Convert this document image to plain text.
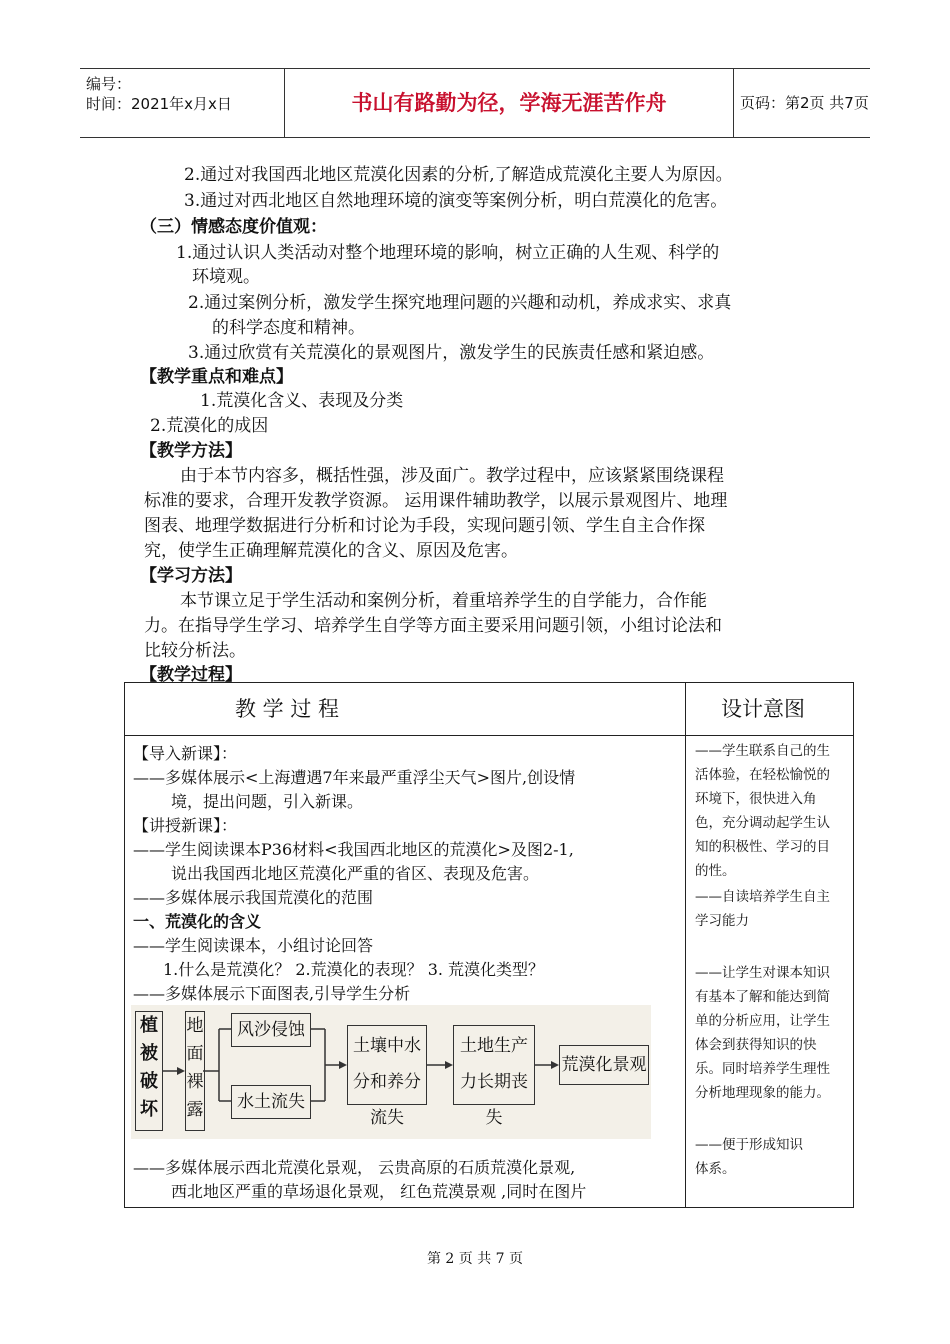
编号：
时间：2021年x月x日	书山有路勤为径，学海无涯苦作舟	页码：第2页 共7页
2.通过对我国西北地区荒漠化因素的分析,了解造成荒漠化主要人为原因。
3.通过对西北地区自然地理环境的演变等案例分析，明白荒漠化的危害。
（三）情感态度价值观：
1.通过认识人类活动对整个地理环境的影响，树立正确的人生观、科学的
环境观。
2.通过案例分析，激发学生探究地理问题的兴趣和动机，养成求实、求真
的科学态度和精神。
3.通过欣赏有关荒漠化的景观图片，激发学生的民族责任感和紧迫感。
【教学重点和难点】
1.荒漠化含义、表现及分类
2.荒漠化的成因
【教学方法】
由于本节内容多，概括性强，涉及面广。教学过程中，应该紧紧围绕课程
标准的要求，合理开发教学资源。 运用课件辅助教学，以展示景观图片、地理
图表、地理学数据进行分析和讨论为手段，实现问题引领、学生自主合作探
究，使学生正确理解荒漠化的含义、原因及危害。
【学习方法】
本节课立足于学生活动和案例分析，着重培养学生的自学能力，合作能
力。在指导学生学习、培养学生自学等方面主要采用问题引领，小组讨论法和
比较分析法。
【教学过程】
教 学 过 程	设计意图
【导入新课】：
——多媒体展示<上海遭遇7年来最严重浮尘天气>图片,创设情
境，提出问题，引入新课。
【讲授新课】：
——学生阅读课本P36材料<我国西北地区的荒漠化>及图2-1,
说出我国西北地区荒漠化严重的省区、表现及危害。
——多媒体展示我国荒漠化的范围
一、荒漠化的含义
——学生阅读课本，小组讨论回答
1.什么是荒漠化？ 2.荒漠化的表现？ 3. 荒漠化类型？
——多媒体展示下面图表,引导学生分析
植被破坏
地面裸露
风沙侵蚀
水土流失
土壤中水分和养分流失
土地生产力长期丧失
荒漠化景观
——多媒体展示西北荒漠化景观， 云贵高原的石质荒漠化景观,
西北地区严重的草场退化景观， 红色荒漠景观 ,同时在图片
——学生联系自己的生
活体验，在轻松愉悦的
环境下，很快进入角
色，充分调动起学生认
知的积极性、学习的目
的性。
——自读培养学生自主
学习能力
——让学生对课本知识
有基本了解和能达到简
单的分析应用，让学生
体会到获得知识的快
乐。同时培养学生理性
分析地理现象的能力。
——便于形成知识
体系。
第 2 页 共 7 页
